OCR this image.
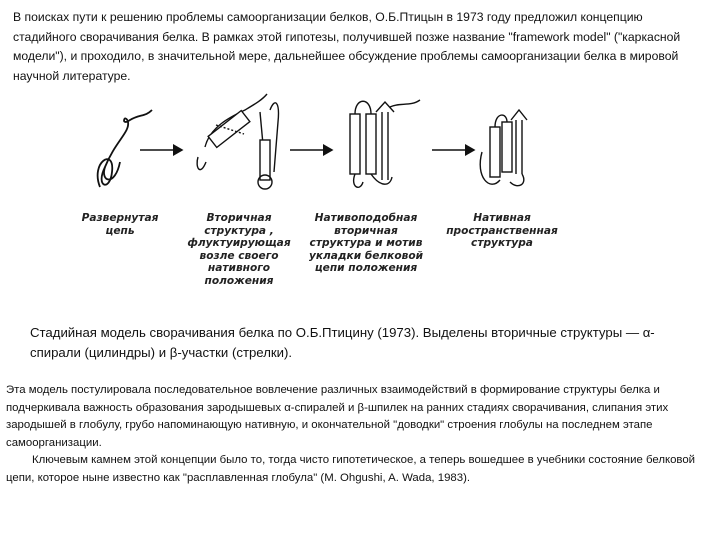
В поисках пути к решению проблемы самоорганизации белков, О.Б.Птицын в 1973 году предложил концепцию стадийного сворачивания белка. В рамках этой гипотезы, получившей позже название "framework model" ("каркасной модели"), и проходило, в значительной мере, дальнейшее обсуждение проблемы самоорганизации белка в мировой научной литературе.

Развернутая цепь
Вторичная структура , флуктуирующая возле своего нативного положения
Нативоподобная вторичная структура и мотив укладки белковой цепи положения
Нативная пространственная структура

Стадийная модель сворачивания белка по О.Б.Птицину (1973). Выделены вторичные структуры — α-спирали (цилиндры) и β-участки (стрелки).

Эта модель постулировала последовательное вовлечение различных взаимодействий в формирование структуры белка и подчеркивала важность образования зародышевых α-спиралей и β-шпилек на ранних стадиях сворачивания, слипания этих зародышей в глобулу, грубо напоминающую нативную, и окончательной "доводки" строения глобулы на последнем этапе самоорганизации.

Ключевым камнем этой концепции было то, тогда чисто гипотетическое, а теперь вошедшее в учебники состояние белковой цепи, которое ныне известно как "расплавленная глобула" (M. Ohgushi, A. Wada, 1983).
